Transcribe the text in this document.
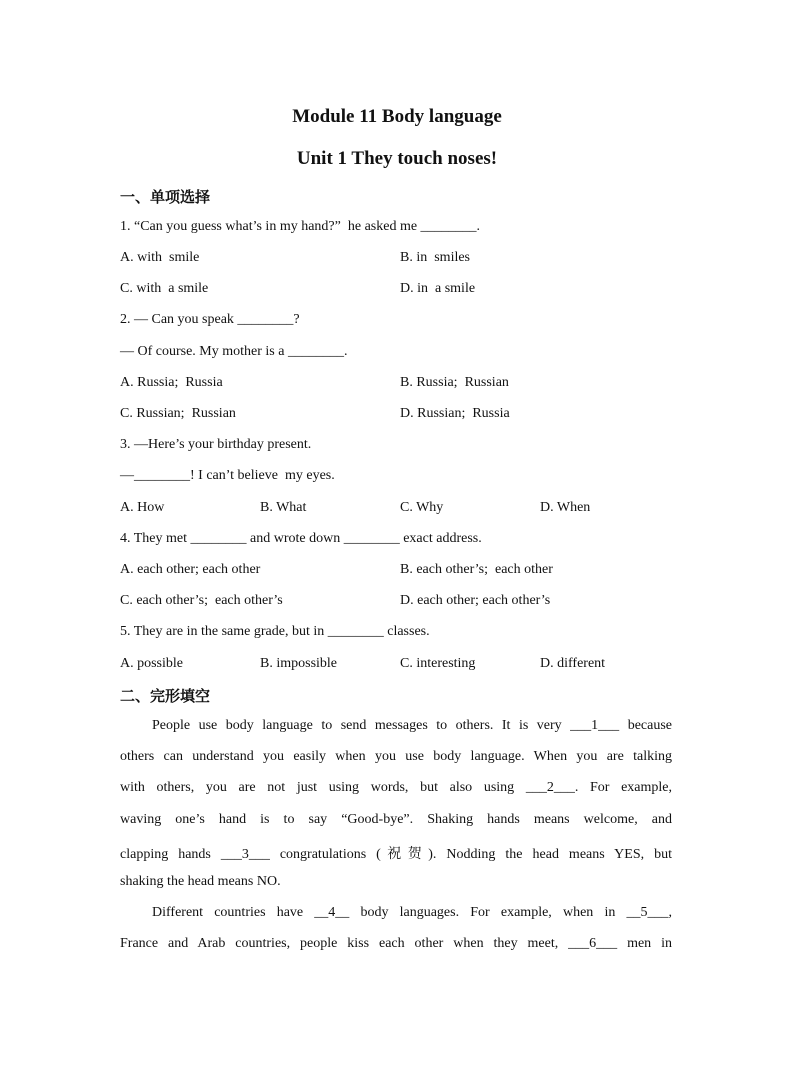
Module 11 Body language
Unit 1 They touch noses!
一、单项选择
1. “Can you guess what’s in my hand?”  he asked me ________.
A. with  smile	B. in  smiles
C. with  a smile	D. in  a smile
2. — Can you speak ________?
— Of course. My mother is a ________.
A. Russia;  Russia	B. Russia;  Russian
C. Russian;  Russian	D. Russian;  Russia
3. —Here’s your birthday present.
—________! I can’t believe  my eyes.
A. How	B. What	C. Why	D. When
4. They met ________ and wrote down ________ exact address.
A. each other; each other	B. each other’s;  each other
C. each other’s;  each other’s	D. each other; each other’s
5. They are in the same grade, but in ________ classes.
A. possible	B. impossible	C. interesting	D. different
二、完形填空
People use body language to send messages to others. It is very ___1___ because
others can understand you easily when you use body language. When you are talking
with others, you are not just using words, but also using ___2___. For example,
waving one’s hand is to say “Good-bye”. Shaking hands means welcome, and
clapping hands ___3___ congratulations (祝贺). Nodding the head means YES, but
shaking the head means NO.
Different countries have __4__ body languages. For example, when in __5___,
France and Arab countries, people kiss each other when they meet, ___6___ men in
